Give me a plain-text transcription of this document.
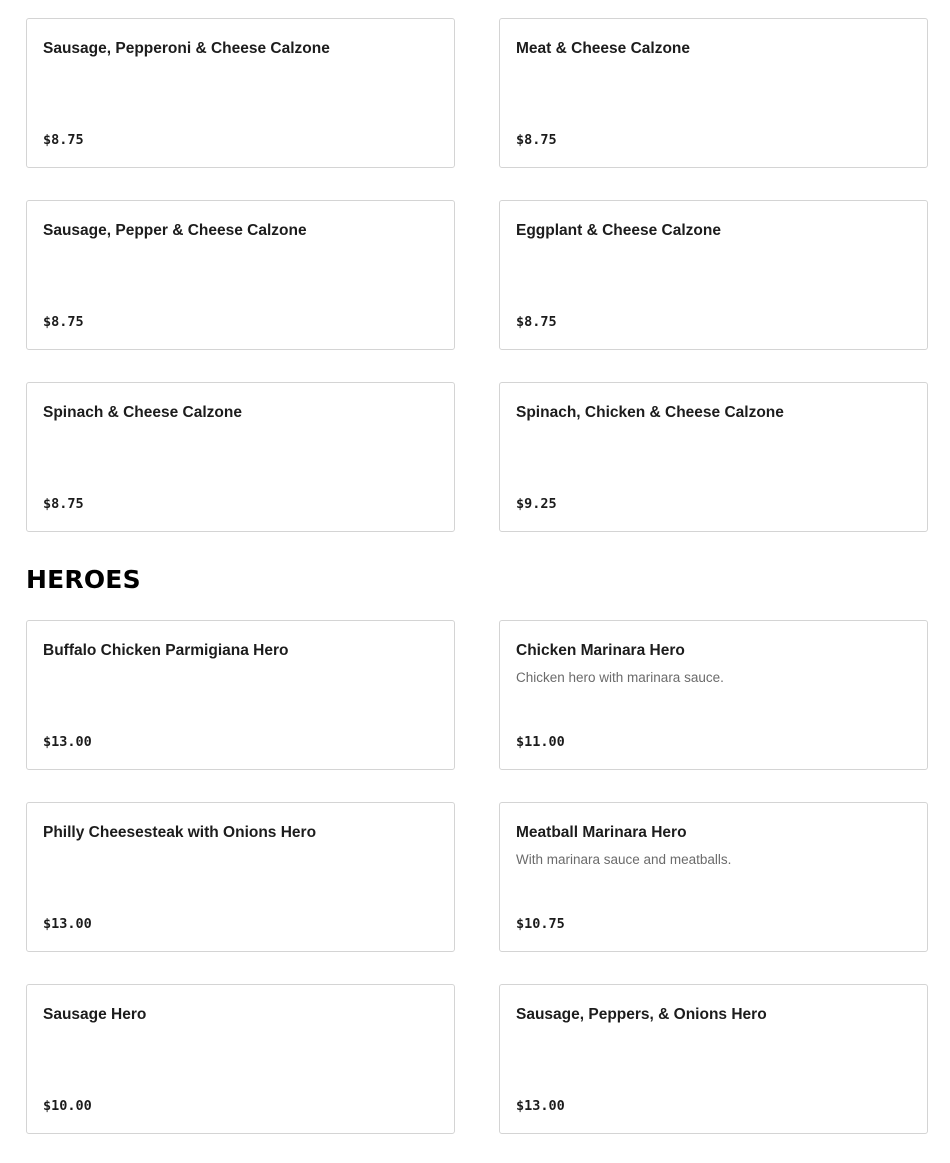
Sausage, Pepperoni & Cheese Calzone
$8.75
Meat & Cheese Calzone
$8.75
Sausage, Pepper & Cheese Calzone
$8.75
Eggplant & Cheese Calzone
$8.75
Spinach & Cheese Calzone
$8.75
Spinach, Chicken & Cheese Calzone
$9.25
HEROES
Buffalo Chicken Parmigiana Hero
$13.00
Chicken Marinara Hero
Chicken hero with marinara sauce.
$11.00
Philly Cheesesteak with Onions Hero
$13.00
Meatball Marinara Hero
With marinara sauce and meatballs.
$10.75
Sausage Hero
$10.00
Sausage, Peppers, & Onions Hero
$13.00
